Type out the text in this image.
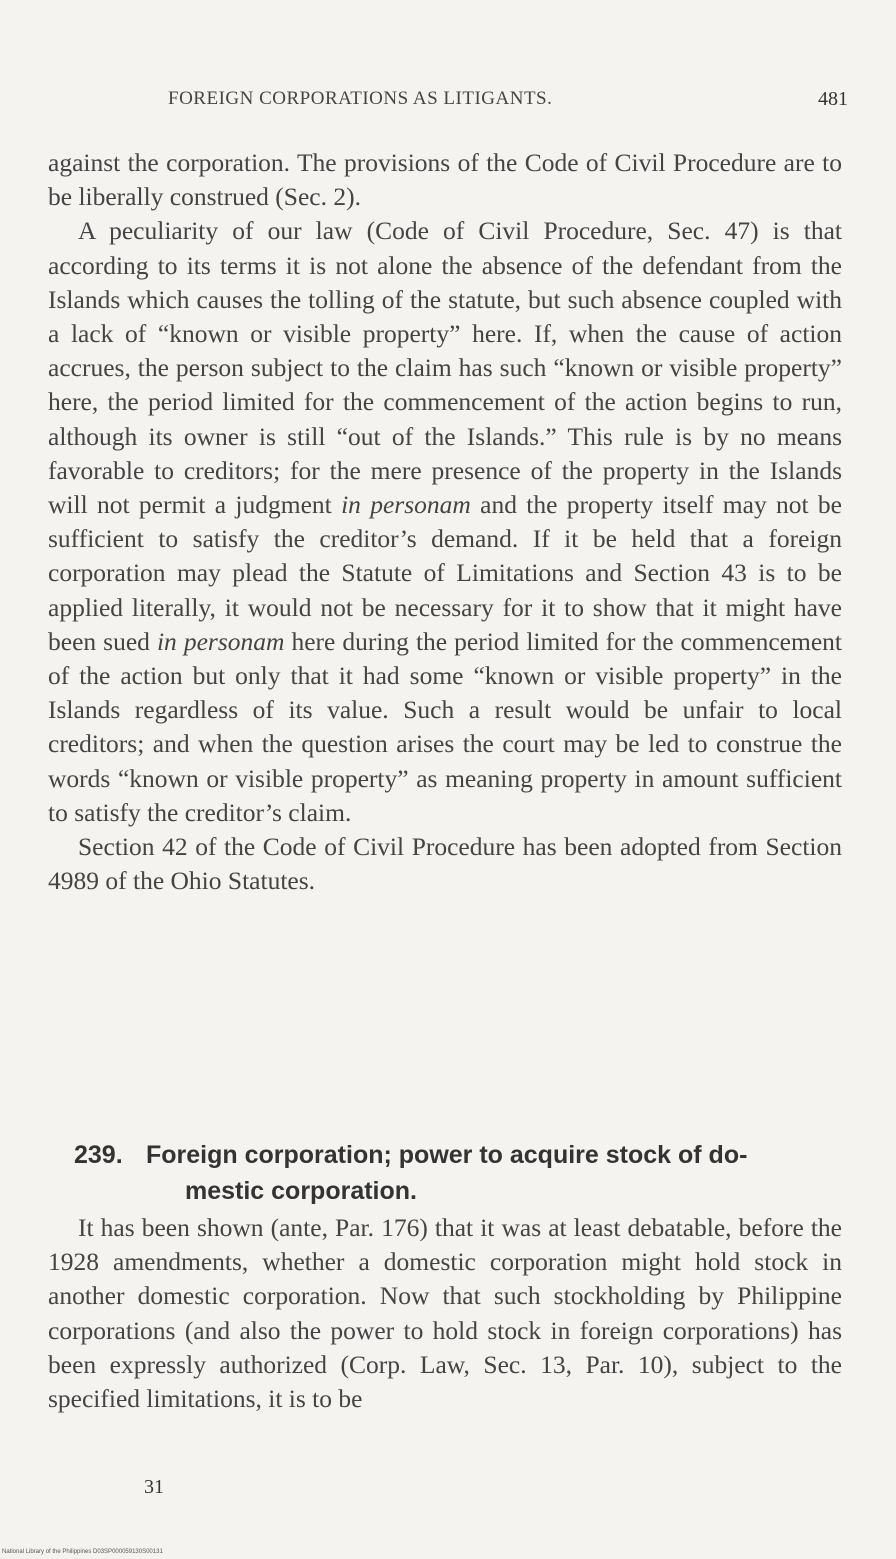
FOREIGN CORPORATIONS AS LITIGANTS.	481

against the corporation. The provisions of the Code of Civil Procedure are to be liberally construed (Sec. 2).

A peculiarity of our law (Code of Civil Procedure, Sec. 47) is that according to its terms it is not alone the absence of the defendant from the Islands which causes the tolling of the statute, but such absence coupled with a lack of “known or visible property” here. If, when the cause of action accrues, the person subject to the claim has such “known or visible property” here, the period limited for the commencement of the action begins to run, although its owner is still “out of the Islands.” This rule is by no means favorable to creditors; for the mere presence of the property in the Islands will not permit a judgment in personam and the property itself may not be sufficient to satisfy the creditor’s demand. If it be held that a foreign corporation may plead the Statute of Limitations and Section 43 is to be applied literally, it would not be necessary for it to show that it might have been sued in personam here during the period limited for the commencement of the action but only that it had some “known or visible property” in the Islands regardless of its value. Such a result would be unfair to local creditors; and when the question arises the court may be led to construe the words “known or visible property” as meaning property in amount sufficient to satisfy the creditor’s claim.

Section 42 of the Code of Civil Procedure has been adopted from Section 4989 of the Ohio Statutes.

239. Foreign corporation; power to acquire stock of do-
mestic corporation.

It has been shown (ante, Par. 176) that it was at least debatable, before the 1928 amendments, whether a domestic corporation might hold stock in another domestic corporation. Now that such stockholding by Philippine corporations (and also the power to hold stock in foreign corporations) has been expressly authorized (Corp. Law, Sec. 13, Par. 10), subject to the specified limitations, it is to be

31
National Library of the Philippines D03SP000059130S00131
